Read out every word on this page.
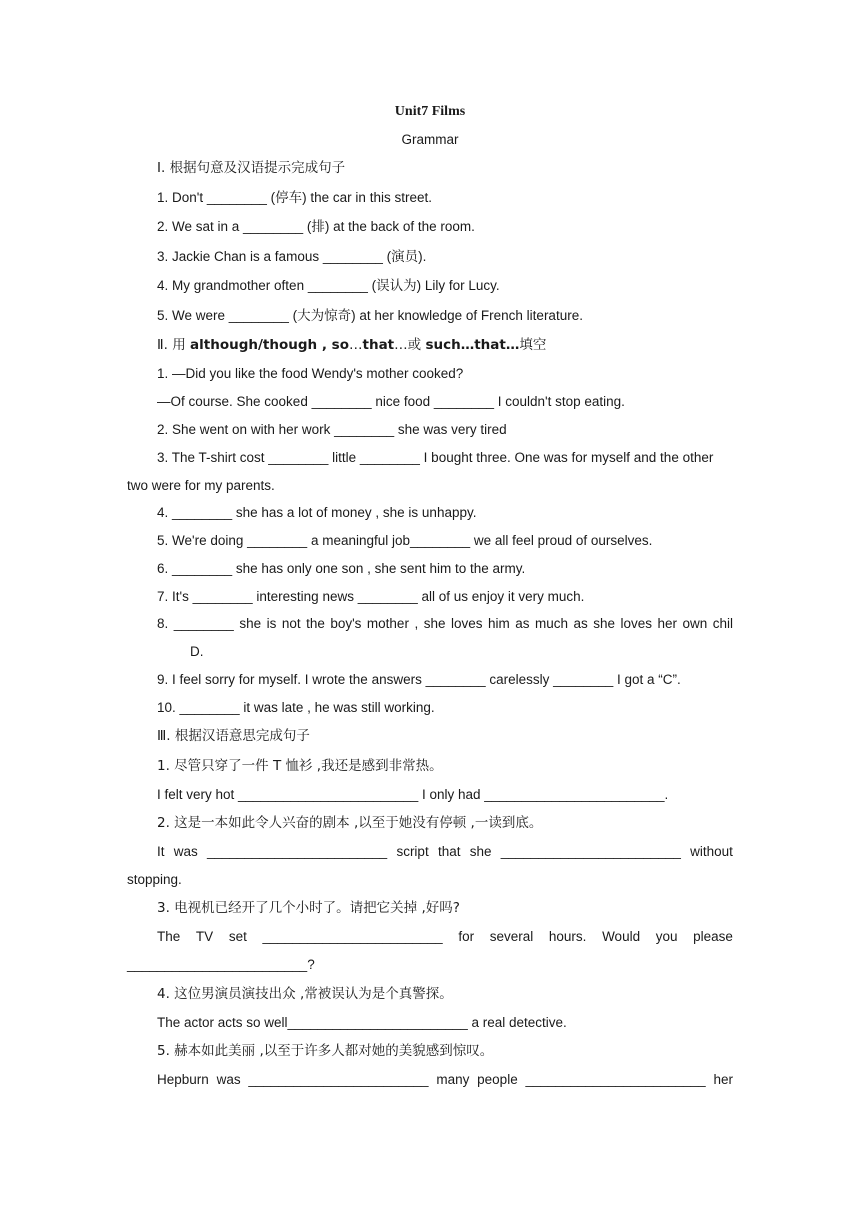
Unit7 Films
Grammar
Ⅰ. 根据句意及汉语提示完成句子
1. Don't ________ (停车) the car in this street.
2. We sat in a ________ (排) at the back of the room.
3. Jackie Chan is a famous ________ (演员).
4. My grandmother often ________ (误认为) Lily for Lucy.
5. We were ________ (大为惊奇) at her knowledge of French literature.
Ⅱ. 用 although/though , so…that…或 such…that…填空
1. —Did you like the food Wendy's mother cooked?
—Of course. She cooked ________ nice food ________ I couldn't stop eating.
2. She went on with her work ________ she was very tired
3. The T-shirt cost ________ little ________ I bought three. One was for myself and the other
two were for my parents.
4. ________ she has a lot of money , she is unhappy.
5. We're doing ________ a meaningful job________ we all feel proud of ourselves.
6. ________ she has only one son , she sent him to the army.
7. It's ________ interesting news ________ all of us enjoy it very much.
8. ________ she is not the boy's mother , she loves him as much as she loves her own chil
D.
9. I feel sorry for myself. I wrote the answers ________ carelessly ________ I got a “C”.
10. ________ it was late , he was still working.
Ⅲ. 根据汉语意思完成句子
1. 尽管只穿了一件 T 恤衫 ,我还是感到非常热。
I felt very hot ________________________ I only had ________________________.
2. 这是一本如此令人兴奋的剧本 ,以至于她没有停顿 ,一读到底。
It was ________________________ script that she ________________________ without
stopping.
3. 电视机已经开了几个小时了。请把它关掉 ,好吗?
The TV set ________________________ for several hours. Would you please
________________________?
4. 这位男演员演技出众 ,常被误认为是个真警探。
The actor acts so well________________________ a real detective.
5. 赫本如此美丽 ,以至于许多人都对她的美貌感到惊叹。
Hepburn was ________________________ many people ________________________ her
